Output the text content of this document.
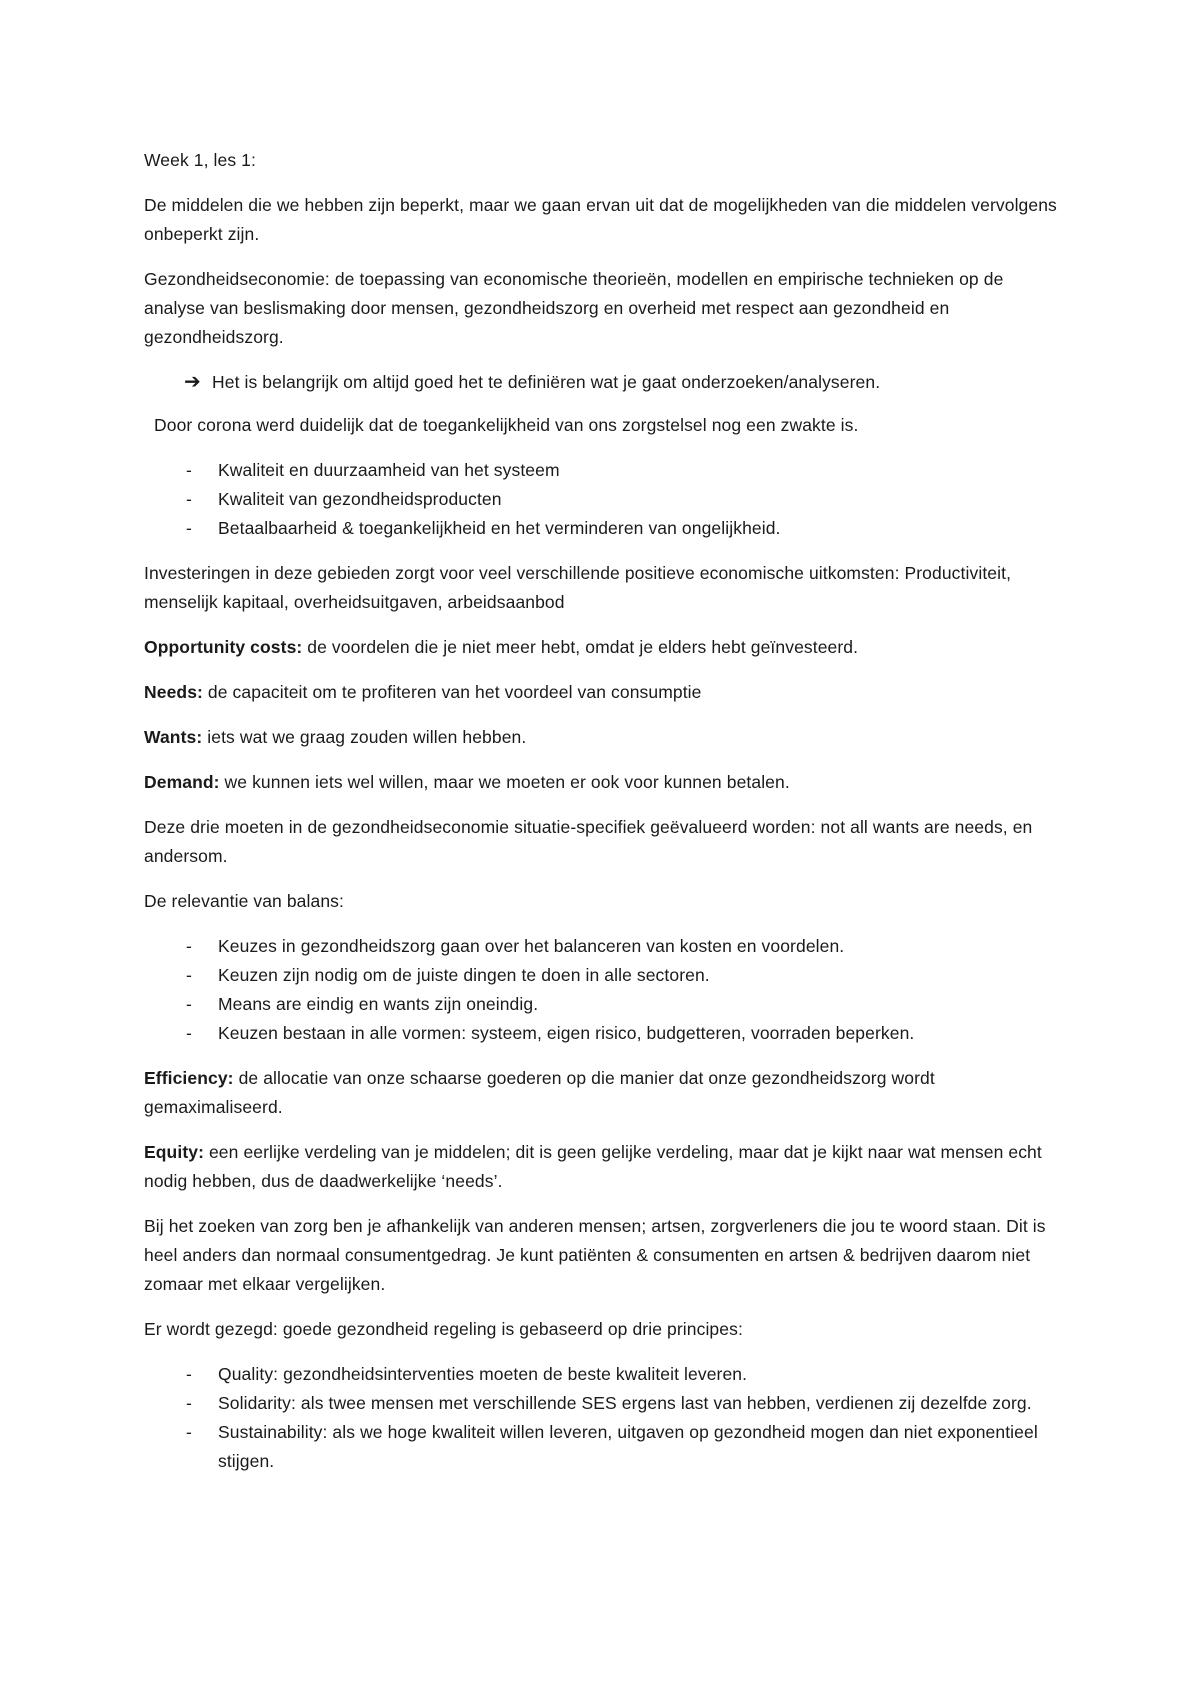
Week 1, les 1:

De middelen die we hebben zijn beperkt, maar we gaan ervan uit dat de mogelijkheden van die middelen vervolgens onbeperkt zijn.

Gezondheidseconomie: de toepassing van economische theorieën, modellen en empirische technieken op de analyse van beslismaking door mensen, gezondheidszorg en overheid met respect aan gezondheid en gezondheidszorg.

➔ Het is belangrijk om altijd goed het te definiëren wat je gaat onderzoeken/analyseren.

Door corona werd duidelijk dat de toegankelijkheid van ons zorgstelsel nog een zwakte is.

- Kwaliteit en duurzaamheid van het systeem
- Kwaliteit van gezondheidsproducten
- Betaalbaarheid & toegankelijkheid en het verminderen van ongelijkheid.

Investeringen in deze gebieden zorgt voor veel verschillende positieve economische uitkomsten: Productiviteit, menselijk kapitaal, overheidsuitgaven, arbeidsaanbod

Opportunity costs: de voordelen die je niet meer hebt, omdat je elders hebt geïnvesteerd.

Needs: de capaciteit om te profiteren van het voordeel van consumptie

Wants: iets wat we graag zouden willen hebben.

Demand: we kunnen iets wel willen, maar we moeten er ook voor kunnen betalen.

Deze drie moeten in de gezondheidseconomie situatie-specifiek geëvalueerd worden: not all wants are needs, en andersom.

De relevantie van balans:

- Keuzes in gezondheidszorg gaan over het balanceren van kosten en voordelen.
- Keuzen zijn nodig om de juiste dingen te doen in alle sectoren.
- Means are eindig en wants zijn oneindig.
- Keuzen bestaan in alle vormen: systeem, eigen risico, budgetteren, voorraden beperken.

Efficiency: de allocatie van onze schaarse goederen op die manier dat onze gezondheidszorg wordt gemaximaliseerd.

Equity: een eerlijke verdeling van je middelen; dit is geen gelijke verdeling, maar dat je kijkt naar wat mensen echt nodig hebben, dus de daadwerkelijke ‘needs’.

Bij het zoeken van zorg ben je afhankelijk van anderen mensen; artsen, zorgverleners die jou te woord staan. Dit is heel anders dan normaal consumentgedrag. Je kunt patiënten & consumenten en artsen & bedrijven daarom niet zomaar met elkaar vergelijken.

Er wordt gezegd: goede gezondheid regeling is gebaseerd op drie principes:

- Quality: gezondheidsinterventies moeten de beste kwaliteit leveren.
- Solidarity: als twee mensen met verschillende SES ergens last van hebben, verdienen zij dezelfde zorg.
- Sustainability: als we hoge kwaliteit willen leveren, uitgaven op gezondheid mogen dan niet exponentieel stijgen.
